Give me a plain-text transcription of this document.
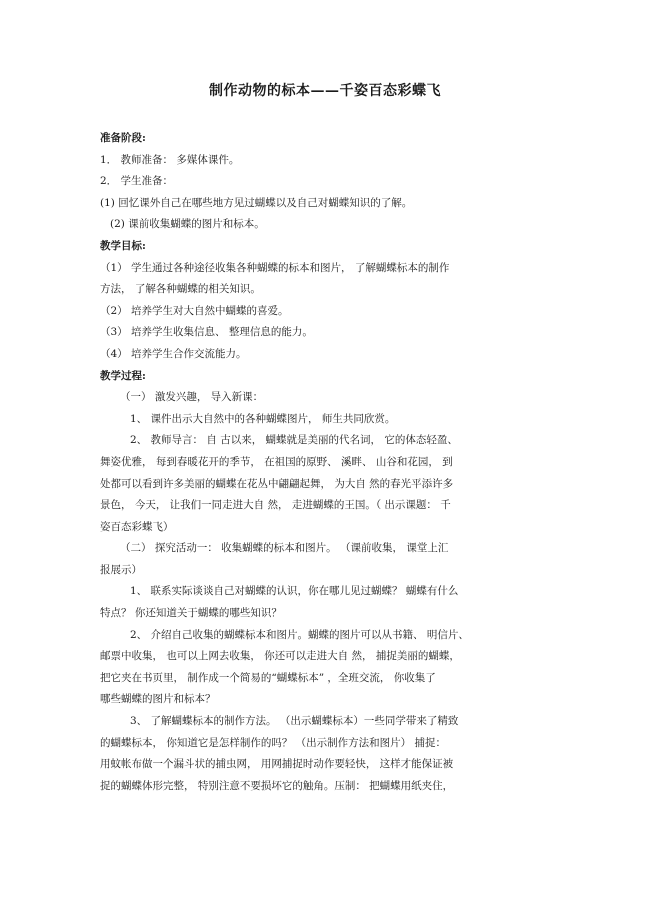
制作动物的标本——千姿百态彩蝶飞
准备阶段:
1． 教师准备： 多媒体课件。
2． 学生准备：
(1) 回忆课外自己在哪些地方见过蝴蝶以及自己对蝴蝶知识的了解。
(2) 课前收集蝴蝶的图片和标本。
教学目标:
（1） 学生通过各种途径收集各种蝴蝶的标本和图片， 了解蝴蝶标本的制作
方法， 了解各种蝴蝶的相关知识。
（2） 培养学生对大自然中蝴蝶的喜爱。
（3） 培养学生收集信息、 整理信息的能力。
（4） 培养学生合作交流能力。
教学过程:
（一） 激发兴趣， 导入新课：
1、 课件出示大自然中的各种蝴蝶图片， 师生共同欣赏。
2、 教师导言： 自 古以来， 蝴蝶就是美丽的代名词， 它的体态轻盈、
舞姿优雅， 每到春暖花开的季节， 在祖国的原野、 溪畔、 山谷和花园， 到
处都可以看到许多美丽的蝴蝶在花丛中翩翩起舞， 为大自 然的春光平添许多
景色， 今天， 让我们一同走进大自 然， 走进蝴蝶的王国。（ 出示课题： 千
姿百态彩蝶飞）
（二） 探究活动一： 收集蝴蝶的标本和图片。 （课前收集， 课堂上汇
报展示）
1、 联系实际谈谈自己对蝴蝶的认识，你在哪儿见过蝴蝶？ 蝴蝶有什么
特点？ 你还知道关于蝴蝶的哪些知识？
2、 介绍自己收集的蝴蝶标本和图片。蝴蝶的图片可以从书籍、 明信片、
邮票中收集， 也可以上网去收集， 你还可以走进大自 然， 捕捉美丽的蝴蝶，
把它夹在书页里， 制作成一个简易的“蝴蝶标本” ，全班交流， 你收集了
哪些蝴蝶的图片和标本？
3、 了解蝴蝶标本的制作方法。 （出示蝴蝶标本）一些同学带来了精致
的蝴蝶标本， 你知道它是怎样制作的吗？ （出示制作方法和图片） 捕捉：
用蚊帐布做一个漏斗状的捕虫网， 用网捕捉时动作要轻快， 这样才能保证被
捉的蝴蝶体形完整， 特别注意不要损坏它的触角。压制： 把蝴蝶用纸夹住，
